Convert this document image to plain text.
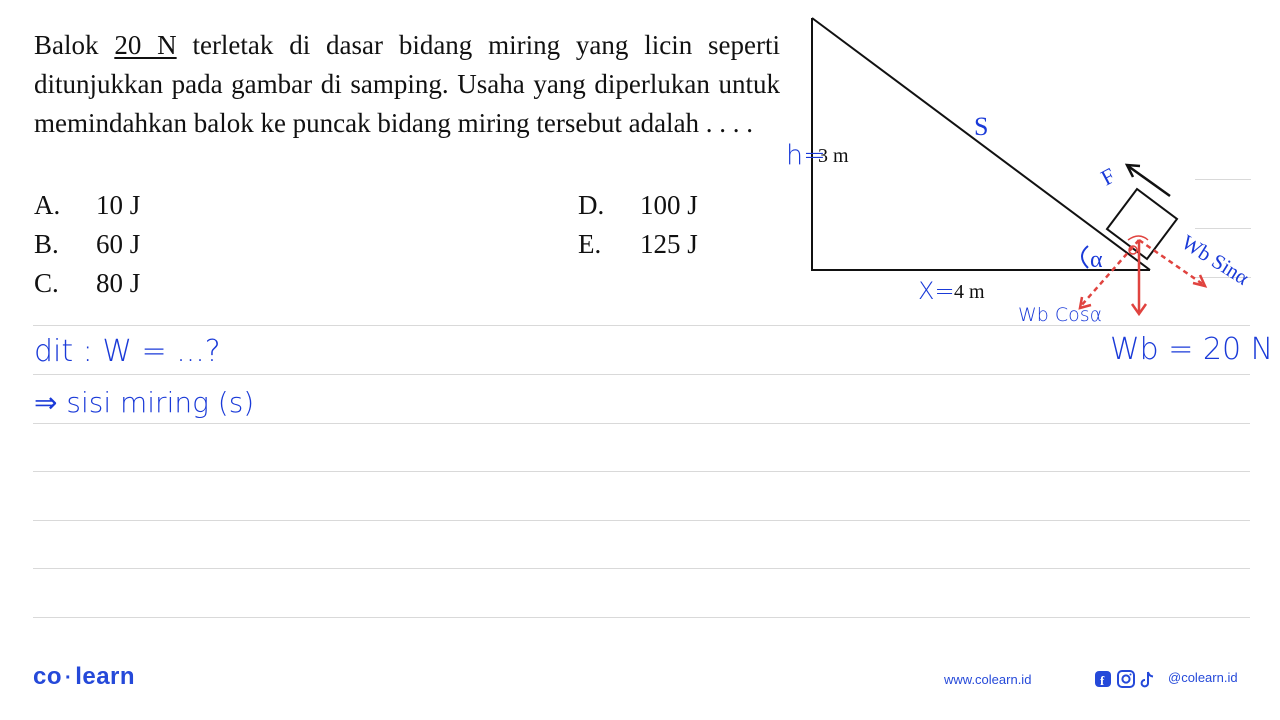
Balok 20 N terletak di dasar bidang miring yang licin seperti ditunjukkan pada gambar di samping. Usaha yang diperlukan untuk memindahkan balok ke puncak bidang miring tersebut adalah . . . .
A. 10 J
B. 60 J
C. 80 J
D. 100 J
E. 125 J
3 m
4 m
F
S
α	Wb Sinα
h=
X=
Wb Cosα
Wb = 20 N
dit : W = ...?
⇒ sisi miring (s)
co · learn	www.colearn.id	f	@colearn.id
